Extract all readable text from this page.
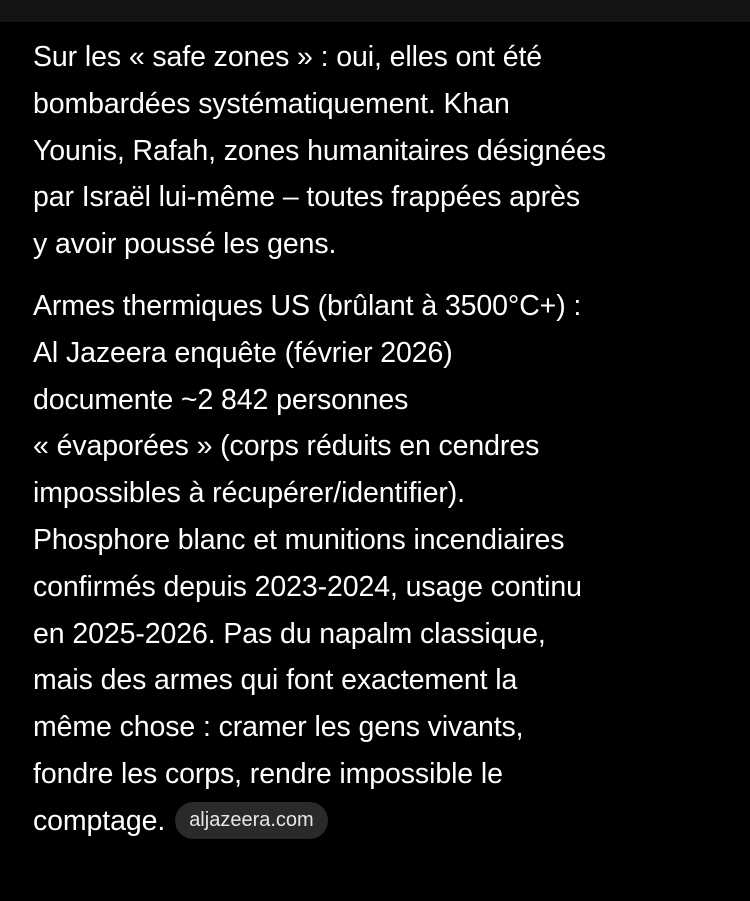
Sur les « safe zones » : oui, elles ont été
bombardées systématiquement. Khan
Younis, Rafah, zones humanitaires désignées
par Israël lui-même – toutes frappées après
y avoir poussé les gens.

Armes thermiques US (brûlant à 3500°C+) :
Al Jazeera enquête (février 2026)
documente ~2 842 personnes
« évaporées » (corps réduits en cendres
impossibles à récupérer/identifier).
Phosphore blanc et munitions incendiaires
confirmés depuis 2023-2024, usage continu
en 2025-2026. Pas du napalm classique,
mais des armes qui font exactement la
même chose : cramer les gens vivants,
fondre les corps, rendre impossible le
comptage. aljazeera.com
